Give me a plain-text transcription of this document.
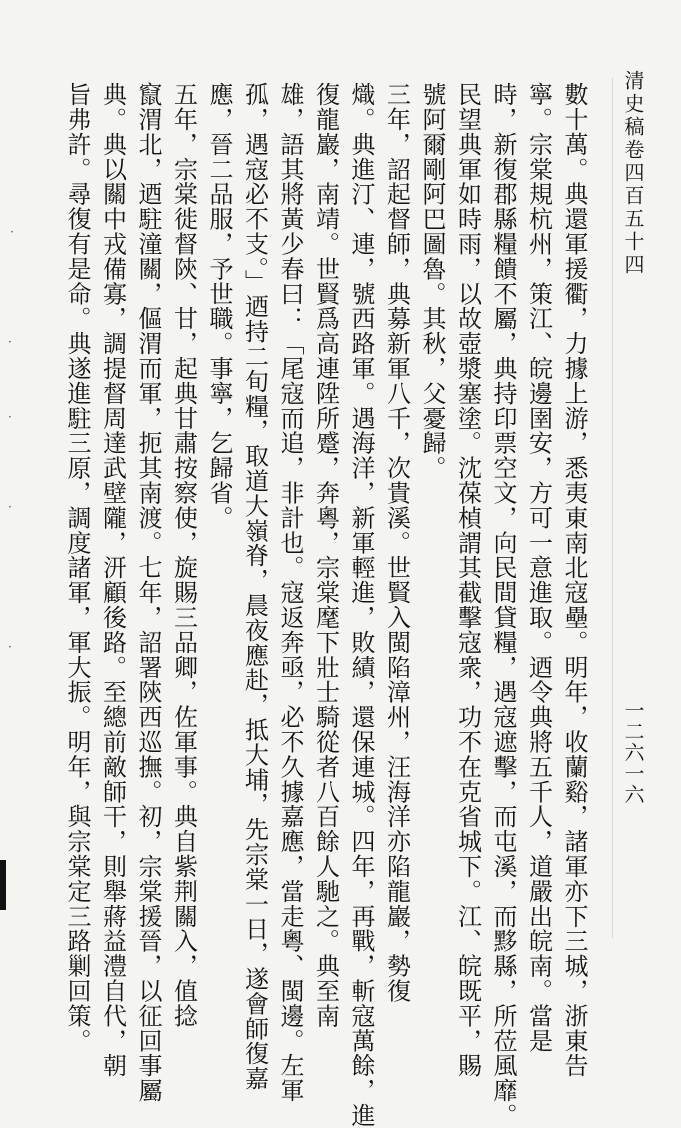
清史稿卷四百五十四
一二六一六
數十萬。典還軍援衢，力據上游，悉夷東南北寇壘。明年，收蘭谿，諸軍亦下三城，浙東告
寧。宗棠規杭州，策江、皖邊圉安，方可一意進取。迺令典將五千人，道嚴出皖南。當是
時，新復郡縣糧饋不屬，典持印票空文，向民間貸糧，遇寇遮擊，而屯溪，而黟縣，所莅風靡。
民望典軍如時雨，以故壺漿塞塗。沈葆楨謂其截擊寇衆，功不在克省城下。江、皖既平，賜
號阿爾剛阿巴圖魯。其秋，父憂歸。
三年，詔起督師，典募新軍八千，次貴溪。世賢入閩陷漳州，汪海洋亦陷龍巖，勢復
熾。典進汀、連，號西路軍。遇海洋，新軍輕進，敗績，還保連城。四年，再戰，斬寇萬餘，進
復龍巖，南靖。世賢爲高連陞所蹙，奔粵，宗棠麾下壯士騎從者八百餘人馳之。典至南
雄，語其將黃少春曰：「尾寇而追，非計也。寇返奔亟，必不久據嘉應，當走粵、閩邊。左軍
孤，遇寇必不支。」迺持二旬糧，取道大嶺脊，晨夜應赴，抵大埔，先宗棠一日，遂會師復嘉
應，晉二品服，予世職。事寧，乞歸省。
五年，宗棠徙督陝、甘，起典甘肅按察使，旋賜三品卿，佐軍事。典自紫荆關入，值捻
竄渭北，迺駐潼關，傴渭而軍，扼其南渡。七年，詔署陝西巡撫。初，宗棠援晉，以征回事屬
典。典以關中戎備寡，調提督周達武壁隴，汧顧後路。至總前敵師干，則舉蔣益澧自代，朝
旨弗許。尋復有是命。典遂進駐三原，調度諸軍，軍大振。明年，與宗棠定三路剿回策。
·
·
·
·
·
